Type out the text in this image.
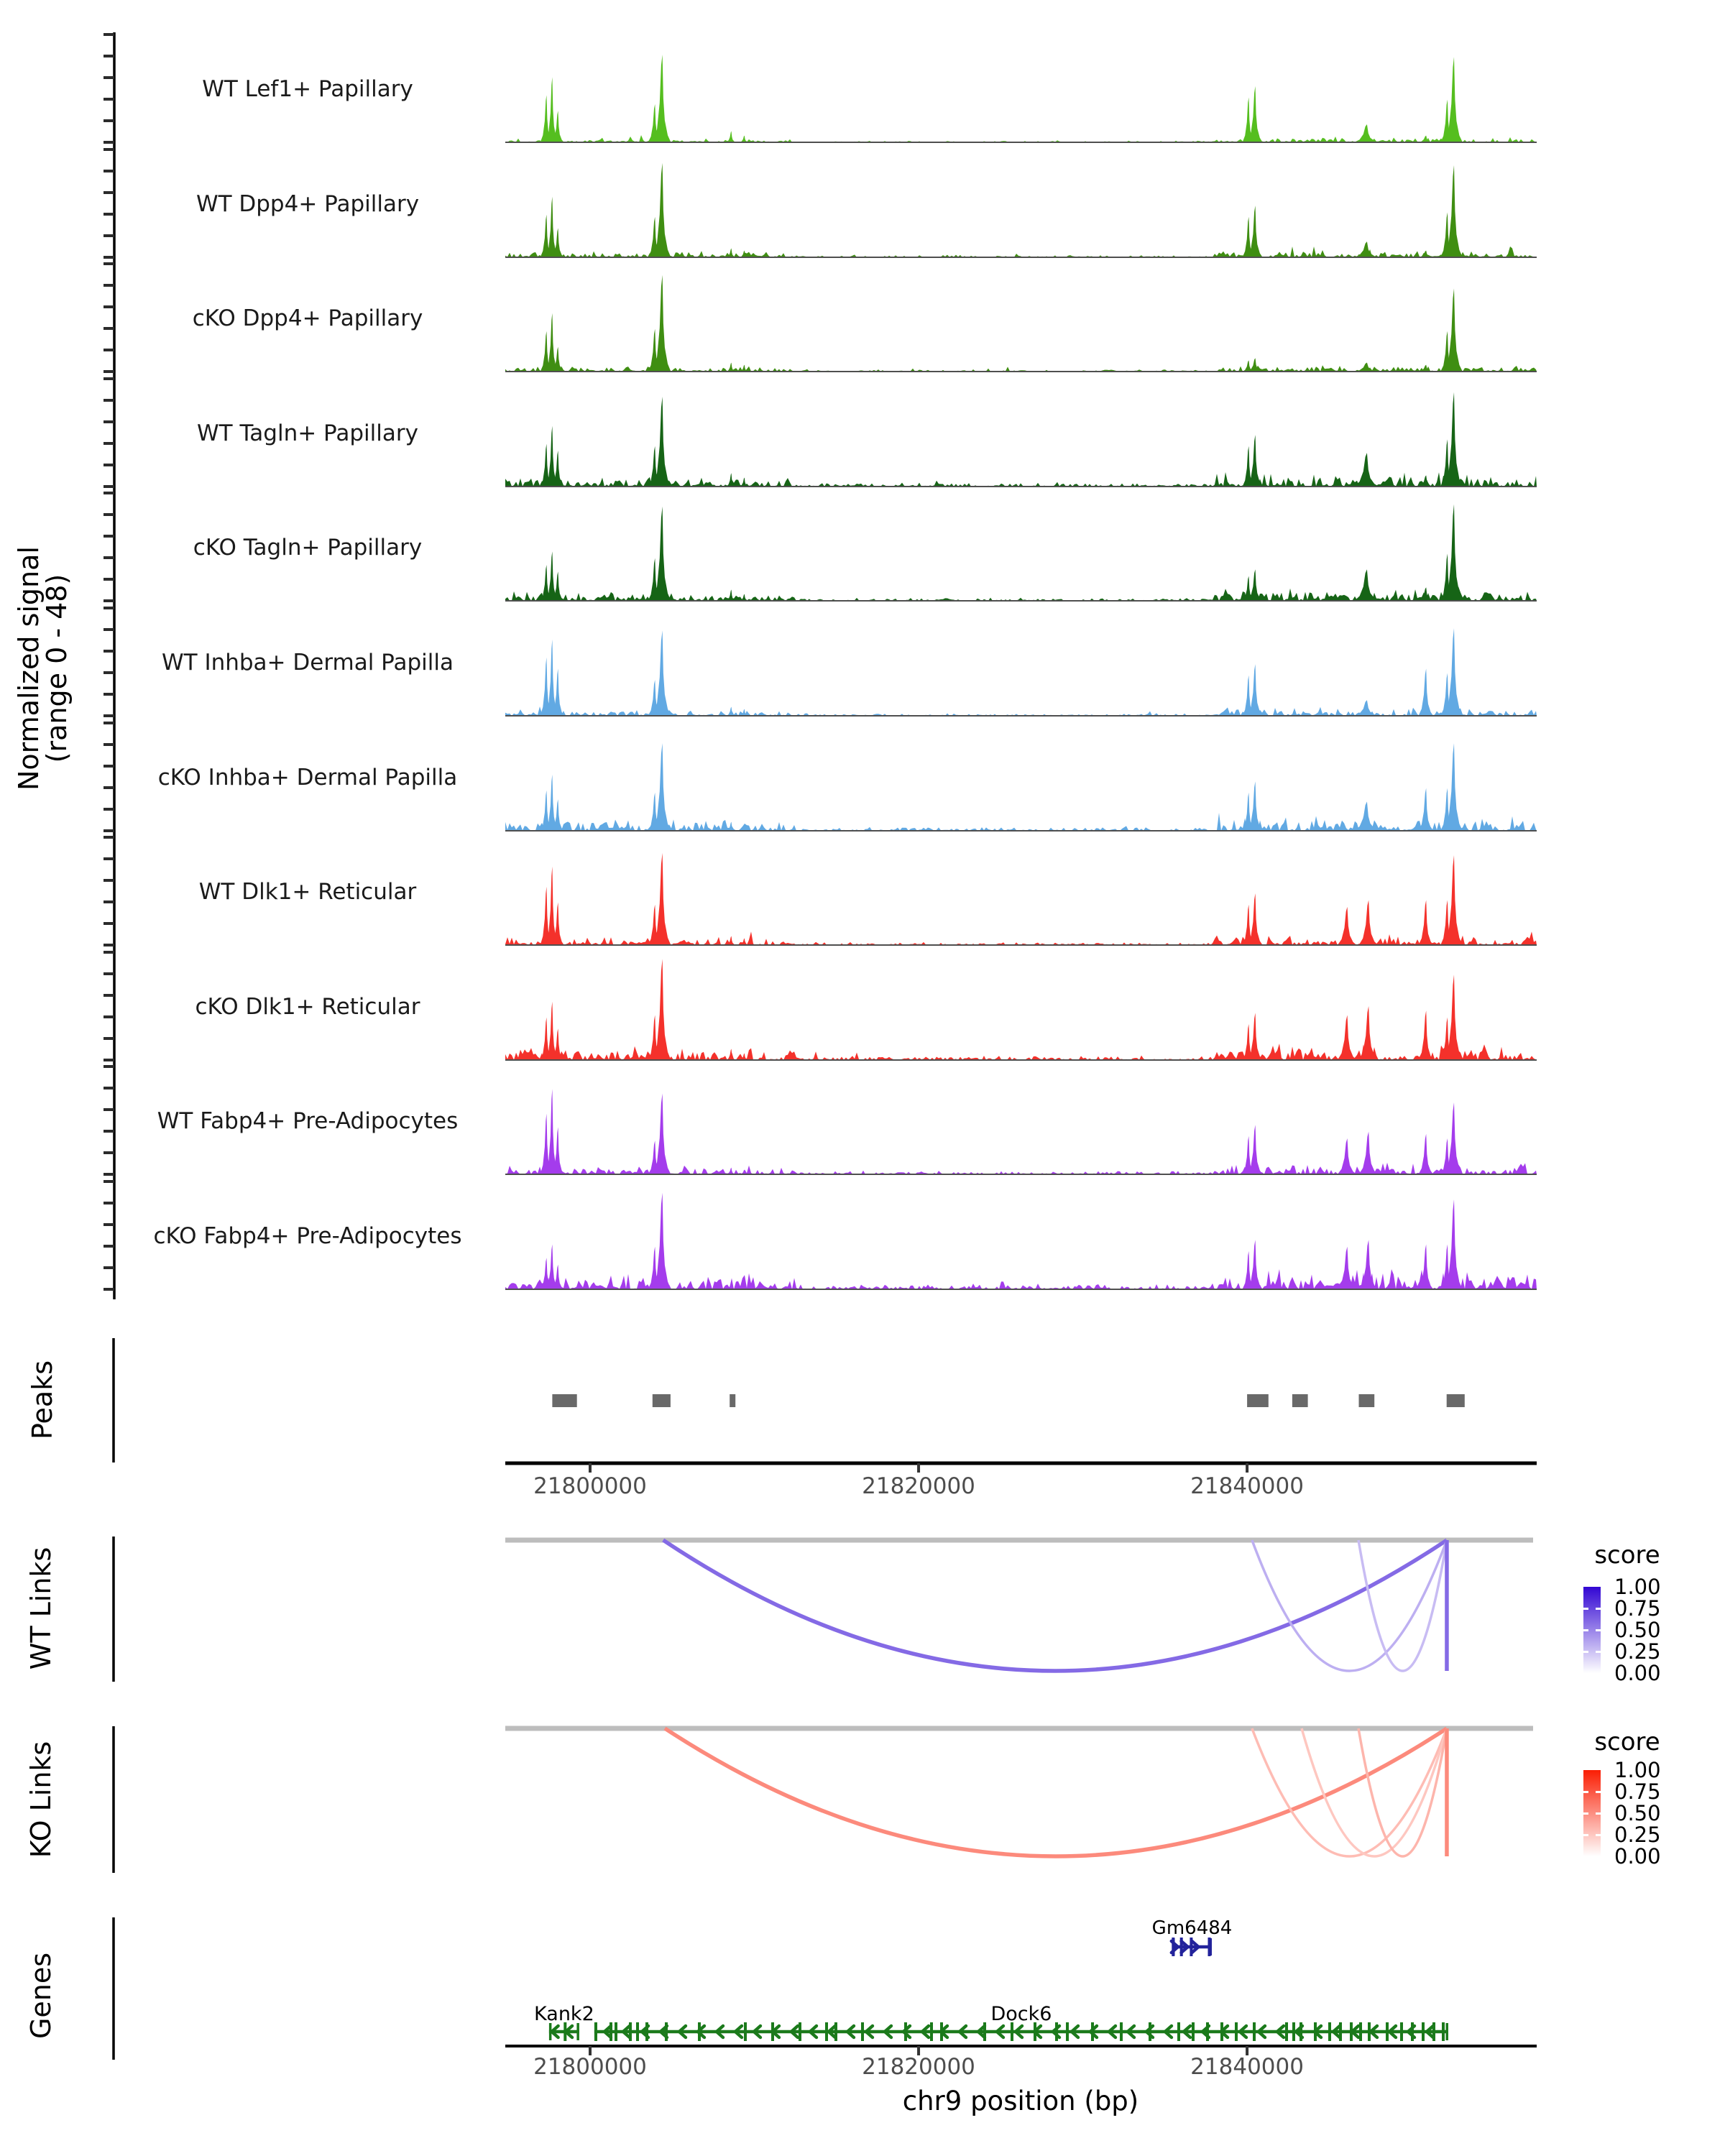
Normalized signal
(range 0 - 48)
Peaks
WT Links
KO Links
Genes
score
score
chr9 position (bp)
WT Lef1+ Papillary
WT Dpp4+ Papillary
cKO Dpp4+ Papillary
WT Tagln+ Papillary
cKO Tagln+ Papillary
WT Inhba+ Dermal Papilla
cKO Inhba+ Dermal Papilla
WT Dlk1+ Reticular
cKO Dlk1+ Reticular
WT Fabp4+ Pre-Adipocytes
cKO Fabp4+ Pre-Adipocytes
21800000	21820000	21840000
21800000	21820000	21840000
1.00
0.75
0.50
0.25
0.00
1.00
0.75
0.50
0.25
0.00
Gm6484
Kank2	Dock6
